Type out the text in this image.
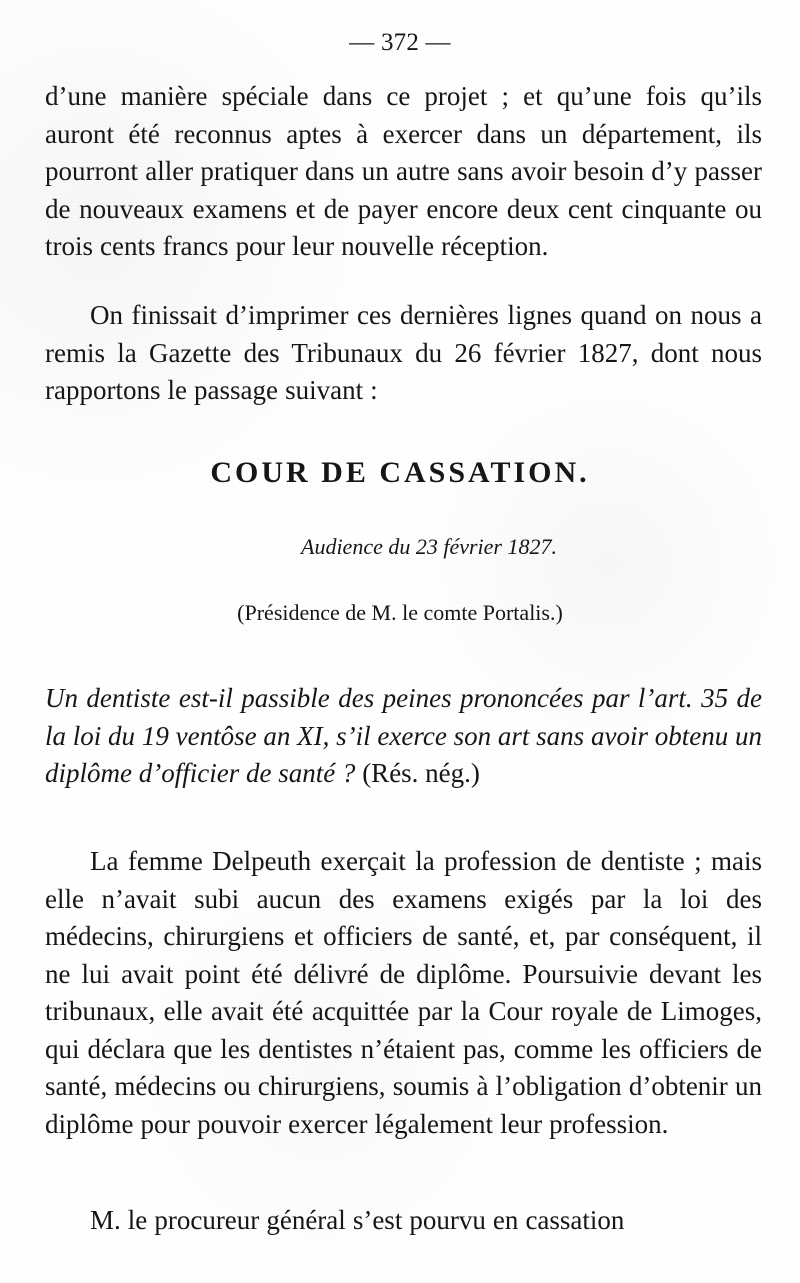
— 372 —

d’une manière spéciale dans ce projet ; et qu’une fois qu’ils auront été reconnus aptes à exercer dans un département, ils pourront aller pratiquer dans un autre sans avoir besoin d’y passer de nouveaux examens et de payer encore deux cent cinquante ou trois cents francs pour leur nouvelle réception.

On finissait d’imprimer ces dernières lignes quand on nous a remis la Gazette des Tribunaux du 26 février 1827, dont nous rapportons le passage suivant :

COUR DE CASSATION.

Audience du 23 février 1827.

(Présidence de M. le comte Portalis.)

Un dentiste est-il passible des peines prononcées par l’art. 35 de la loi du 19 ventôse an XI, s’il exerce son art sans avoir obtenu un diplôme d’officier de santé ? (Rés. nég.)

La femme Delpeuth exerçait la profession de dentiste ; mais elle n’avait subi aucun des examens exigés par la loi des médecins, chirurgiens et officiers de santé, et, par conséquent, il ne lui avait point été délivré de diplôme. Poursuivie devant les tribunaux, elle avait été acquittée par la Cour royale de Limoges, qui déclara que les dentistes n’étaient pas, comme les officiers de santé, médecins ou chirurgiens, soumis à l’obligation d’obtenir un diplôme pour pouvoir exercer légalement leur profession.

M. le procureur général s’est pourvu en cassation
